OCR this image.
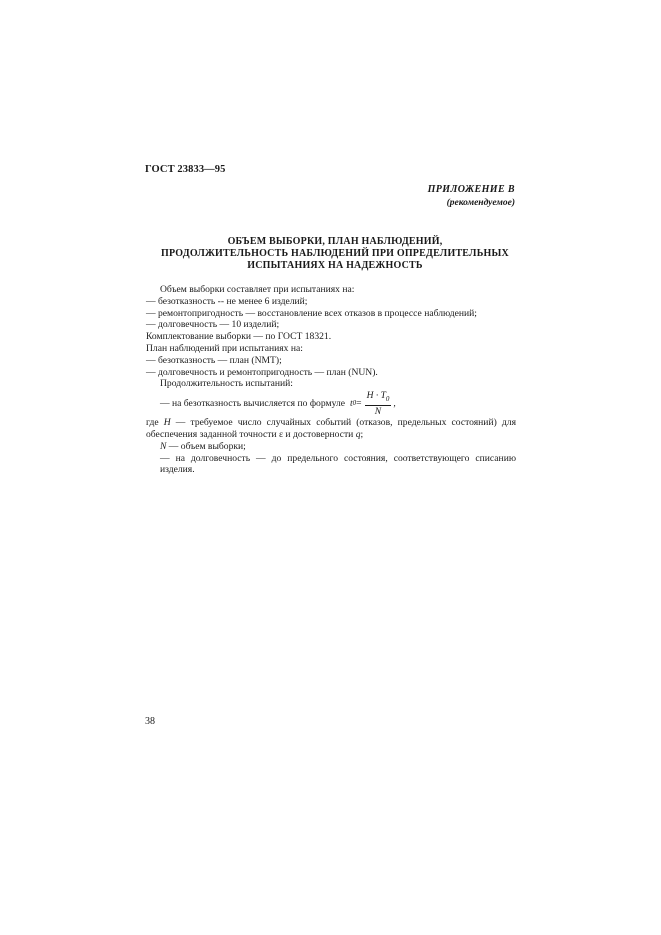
ГОСТ 23833—95
ПРИЛОЖЕНИЕ В
(рекомендуемое)
ОБЪЕМ ВЫБОРКИ, ПЛАН НАБЛЮДЕНИЙ,
ПРОДОЛЖИТЕЛЬНОСТЬ НАБЛЮДЕНИЙ ПРИ ОПРЕДЕЛИТЕЛЬНЫХ
ИСПЫТАНИЯХ НА НАДЕЖНОСТЬ

Объем выборки составляет при испытаниях на:

— безотказность -- не менее 6 изделий;

— ремонтопригодность — восстановление всех отказов в процессе наблюдений;

— долговечность — 10 изделий;

Комплектование выборки — по ГОСТ 18321.

План наблюдений при испытаниях на:

— безотказность — план (NMT);

— долговечность и ремонтопригодность — план (NUN).

Продолжительность испытаний:

— на безотказность вычисляется по формуле t $0 = \frac{H \cdot T_0}{N}$ ,

где H — требуемое число случайных событий (отказов, предельных состояний) для обеспечения заданной точности ε и достоверности q;

N — объем выборки;

— на долговечность — до предельного состояния, соответствующего списанию изделия.

38
